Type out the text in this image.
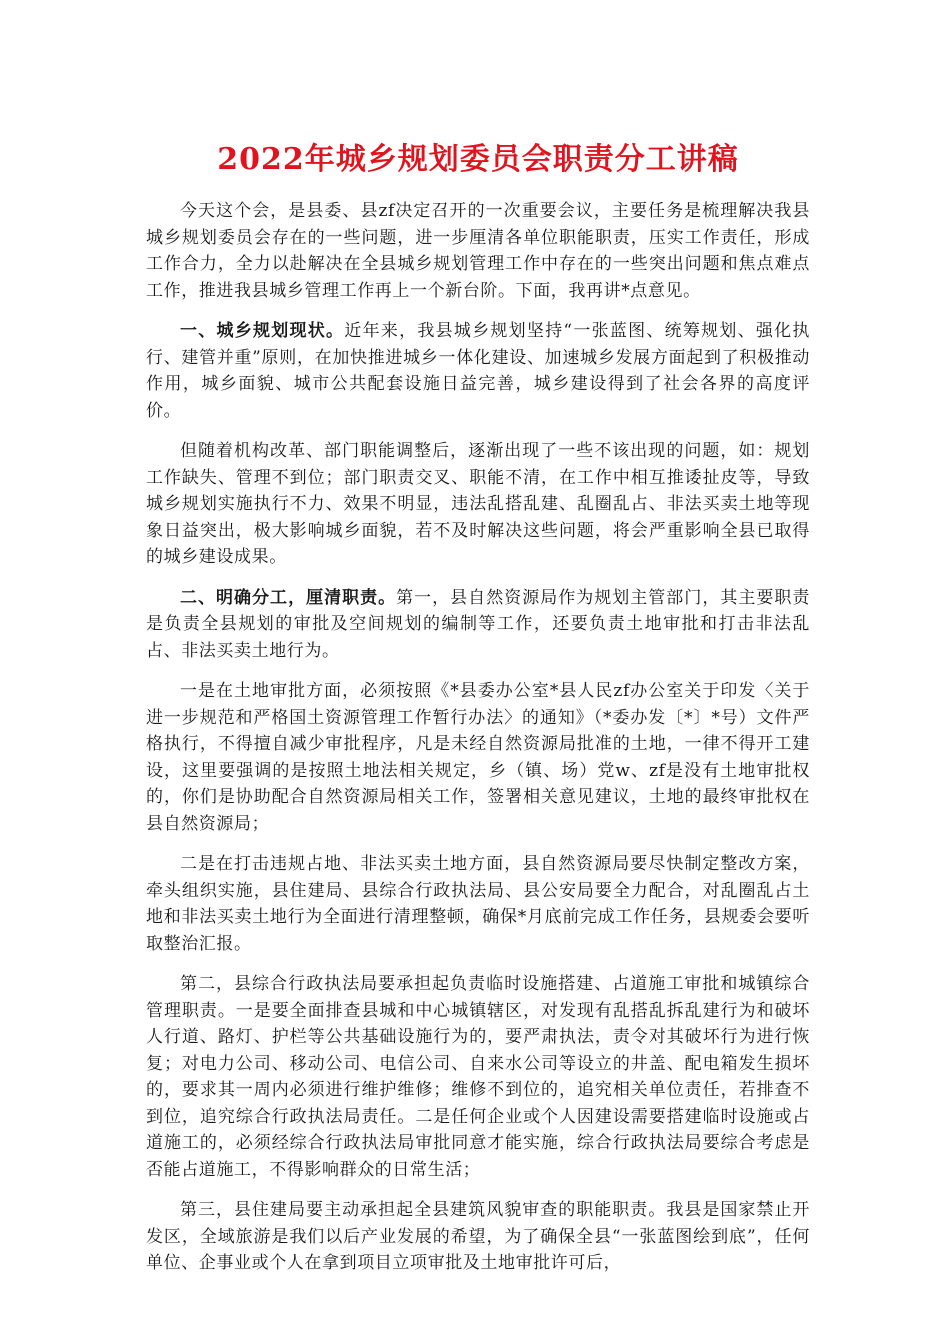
2022年城乡规划委员会职责分工讲稿

今天这个会，是县委、县zf决定召开的一次重要会议，主要任务是梳理解决我县城乡规划委员会存在的一些问题，进一步厘清各单位职能职责，压实工作责任，形成工作合力，全力以赴解决在全县城乡规划管理工作中存在的一些突出问题和焦点难点工作，推进我县城乡管理工作再上一个新台阶。下面，我再讲*点意见。

一、城乡规划现状。近年来，我县城乡规划坚持“一张蓝图、统筹规划、强化执行、建管并重”原则，在加快推进城乡一体化建设、加速城乡发展方面起到了积极推动作用，城乡面貌、城市公共配套设施日益完善，城乡建设得到了社会各界的高度评价。

但随着机构改革、部门职能调整后，逐渐出现了一些不该出现的问题，如：规划工作缺失、管理不到位；部门职责交叉、职能不清，在工作中相互推诿扯皮等，导致城乡规划实施执行不力、效果不明显，违法乱搭乱建、乱圈乱占、非法买卖土地等现象日益突出，极大影响城乡面貌，若不及时解决这些问题，将会严重影响全县已取得的城乡建设成果。

二、明确分工，厘清职责。第一，县自然资源局作为规划主管部门，其主要职责是负责全县规划的审批及空间规划的编制等工作，还要负责土地审批和打击非法乱占、非法买卖土地行为。

一是在土地审批方面，必须按照《*县委办公室*县人民zf办公室关于印发〈关于进一步规范和严格国土资源管理工作暂行办法〉的通知》（*委办发〔*〕*号）文件严格执行，不得擅自减少审批程序，凡是未经自然资源局批准的土地，一律不得开工建设，这里要强调的是按照土地法相关规定，乡（镇、场）党w、zf是没有土地审批权的，你们是协助配合自然资源局相关工作，签署相关意见建议，土地的最终审批权在县自然资源局；

二是在打击违规占地、非法买卖土地方面，县自然资源局要尽快制定整改方案，牵头组织实施，县住建局、县综合行政执法局、县公安局要全力配合，对乱圈乱占土地和非法买卖土地行为全面进行清理整顿，确保*月底前完成工作任务，县规委会要听取整治汇报。

第二，县综合行政执法局要承担起负责临时设施搭建、占道施工审批和城镇综合管理职责。一是要全面排查县城和中心城镇辖区，对发现有乱搭乱拆乱建行为和破坏人行道、路灯、护栏等公共基础设施行为的，要严肃执法，责令对其破坏行为进行恢复；对电力公司、移动公司、电信公司、自来水公司等设立的井盖、配电箱发生损坏的，要求其一周内必须进行维护维修；维修不到位的，追究相关单位责任，若排查不到位，追究综合行政执法局责任。二是任何企业或个人因建设需要搭建临时设施或占道施工的，必须经综合行政执法局审批同意才能实施，综合行政执法局要综合考虑是否能占道施工，不得影响群众的日常生活；

第三，县住建局要主动承担起全县建筑风貌审查的职能职责。我县是国家禁止开发区，全域旅游是我们以后产业发展的希望，为了确保全县“一张蓝图绘到底”，任何单位、企事业或个人在拿到项目立项审批及土地审批许可后，
